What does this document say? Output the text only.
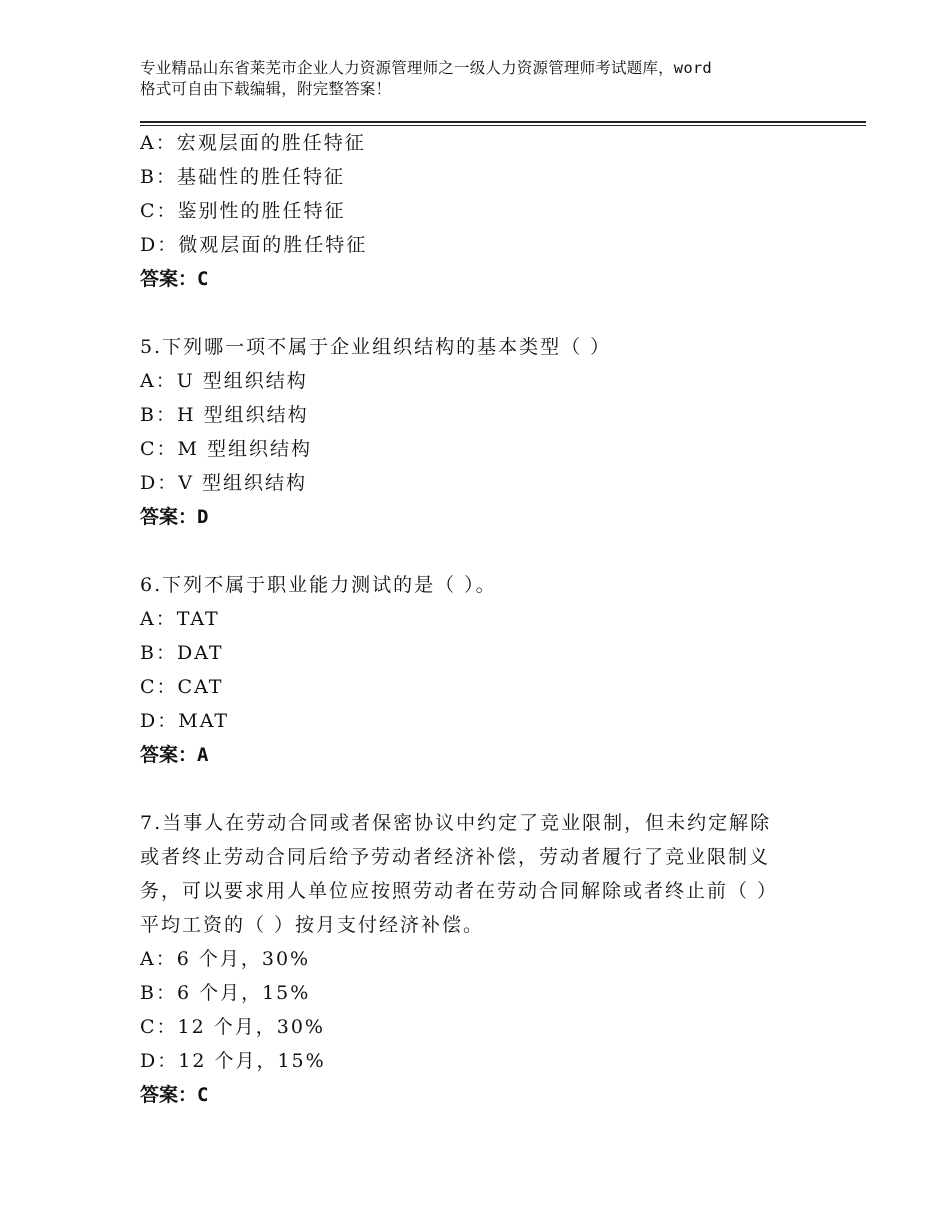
专业精品山东省莱芜市企业人力资源管理师之一级人力资源管理师考试题库，word
格式可自由下载编辑，附完整答案！
A：宏观层面的胜任特征
B：基础性的胜任特征
C：鉴别性的胜任特征
D：微观层面的胜任特征
答案：C
5.下列哪一项不属于企业组织结构的基本类型（ ）
A：U 型组织结构
B：H 型组织结构
C：M 型组织结构
D：V 型组织结构
答案：D
6.下列不属于职业能力测试的是（ ）。
A：TAT
B：DAT
C：CAT
D：MAT
答案：A
7.当事人在劳动合同或者保密协议中约定了竞业限制，但未约定解除
或者终止劳动合同后给予劳动者经济补偿，劳动者履行了竞业限制义
务，可以要求用人单位应按照劳动者在劳动合同解除或者终止前（ ）
平均工资的（ ）按月支付经济补偿。
A：6 个月，30%
B：6 个月，15%
C：12 个月，30%
D：12 个月，15%
答案：C
